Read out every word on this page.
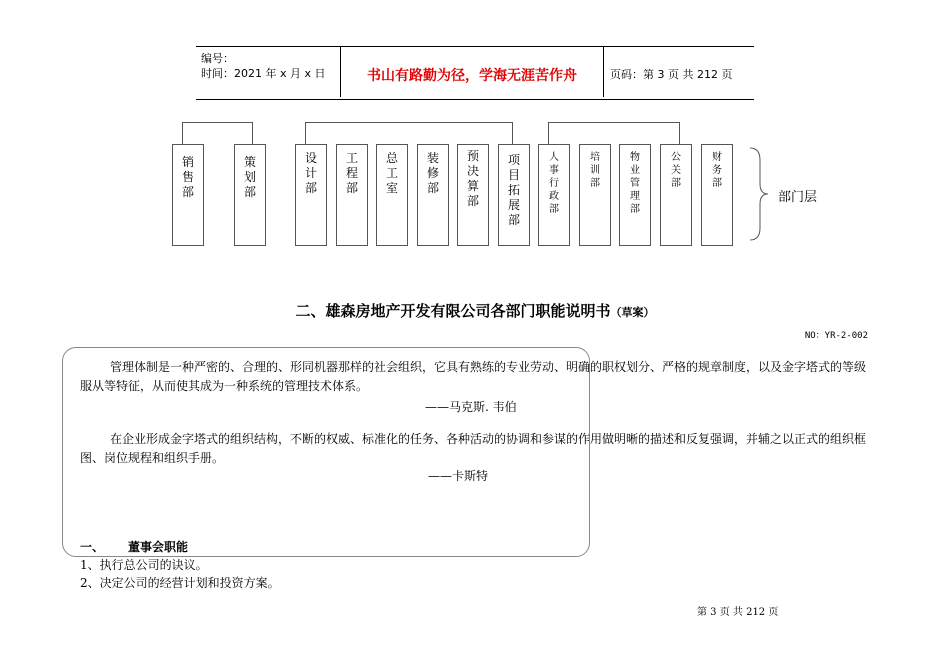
编号：
时间：2021 年 x 月 x 日	书山有路勤为径，学海无涯苦作舟	页码：第 3 页 共 212 页
部门层
销
售
部
策
划
部
设
计
部
工
程
部
总
工
室
装
修
部
预
决
算
部
项
目
拓
展
部
人
事
行
政
部
培
训
部
物
业
管
理
部
公
关
部
财
务
部
二、雄森房地产开发有限公司各部门职能说明书（草案）
NO：YR-2-002
管理体制是一种严密的、合理的、形同机器那样的社会组织，它具有熟练的专业劳动、明确的职权划分、严格的规章制度，以及金字塔式的等级服从等特征，从而使其成为一种系统的管理技术体系。
——马克斯. 韦伯
在企业形成金字塔式的组织结构，不断的权威、标准化的任务、各种活动的协调和参谋的作用做明晰的描述和反复强调，并辅之以正式的组织框图、岗位规程和组织手册。
——卡斯特
一、 董事会职能
1、执行总公司的诀议。
2、决定公司的经营计划和投资方案。
第 3 页 共 212 页
